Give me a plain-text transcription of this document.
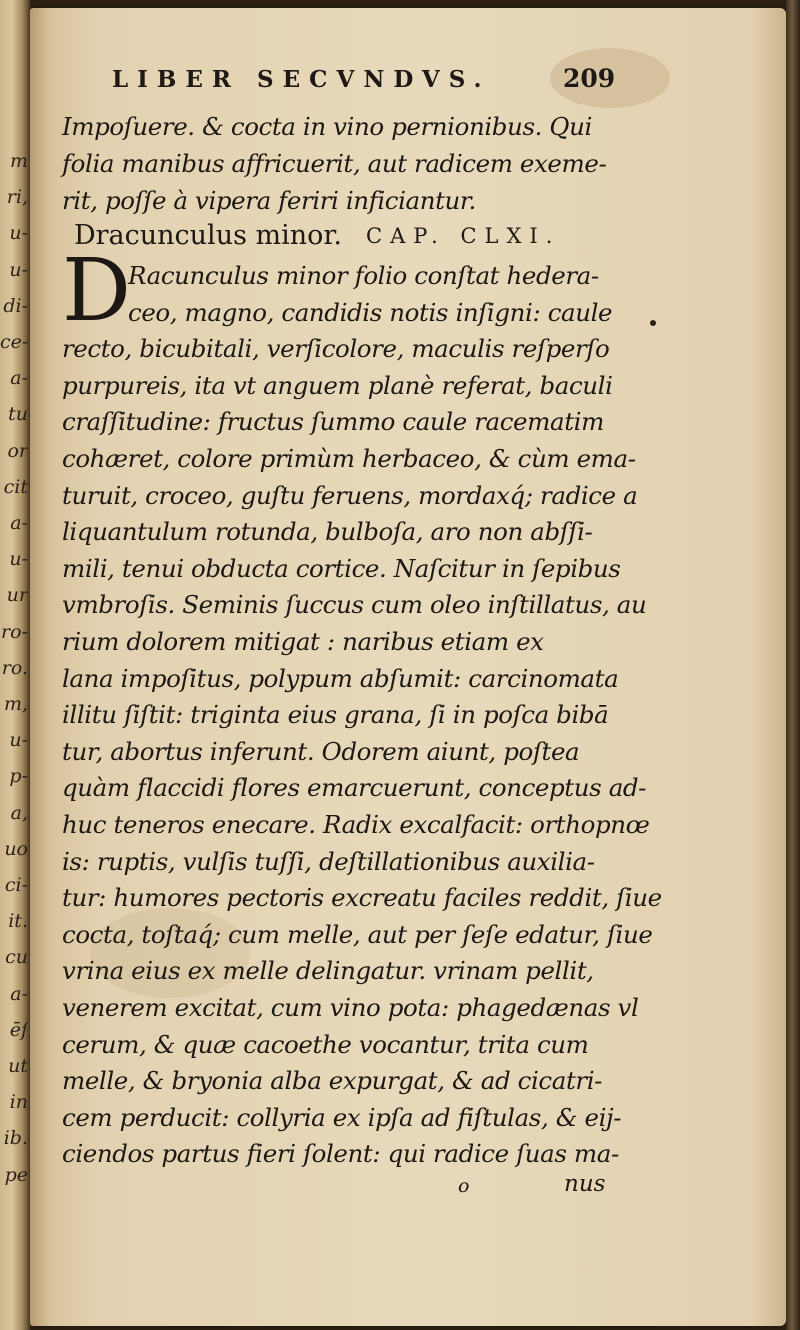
m
ri,
u-
u-
di-
ce-
a-
tu
or
cit
a-
u-
ur
ro-
ro.
m,
u-
p-
a,
uo
ci-
it.
cu
a-
ēſ
ut
in
ib.
pe
LIBER SECVNDVS.	209
Impoſuere. & cocta in vino pernionibus. Qui
folia manibus affricuerit, aut radicem exeme-
rit, poſſe à vipera feriri inficiantur.
Dracunculus minor. CAP. CLXI.
D
Racunculus minor folio conſtat hedera-
ceo, magno, candidis notis inſigni: caule
recto, bicubitali, verſicolore, maculis reſperſo
purpureis, ita vt anguem planè referat, baculi
craſſitudine: fructus ſummo caule racematim
cohæret, colore primùm herbaceo, & cùm ema-
turuit, croceo, guſtu feruens, mordaxq́; radice a
liquantulum rotunda, bulboſa, aro non abſſi-
mili, tenui obducta cortice. Naſcitur in ſepibus
vmbroſis. Seminis ſuccus cum oleo inſtillatus, au
rium dolorem mitigat : naribus etiam ex
lana impoſitus, polypum abſumit: carcinomata
illitu ſiſtit: triginta eius grana, ſi in poſca bibā
tur, abortus inferunt. Odorem aiunt, poſtea
quàm flaccidi flores emarcuerunt, conceptus ad-
huc teneros enecare. Radix excalfacit: orthopnœ
is: ruptis, vulſis tuſſi, deſtillationibus auxilia-
tur: humores pectoris excreatu faciles reddit, ſiue
cocta, toſtaq́; cum melle, aut per ſeſe edatur, ſiue
vrina eius ex melle delingatur. vrinam pellit,
venerem excitat, cum vino pota: phagedænas vl
cerum, & quæ cacoethe vocantur, trita cum
melle, & bryonia alba expurgat, & ad cicatri-
cem perducit: collyria ex ipſa ad fiſtulas, & eij-
ciendos partus fieri ſolent: qui radice ſuas ma-
o	nus
